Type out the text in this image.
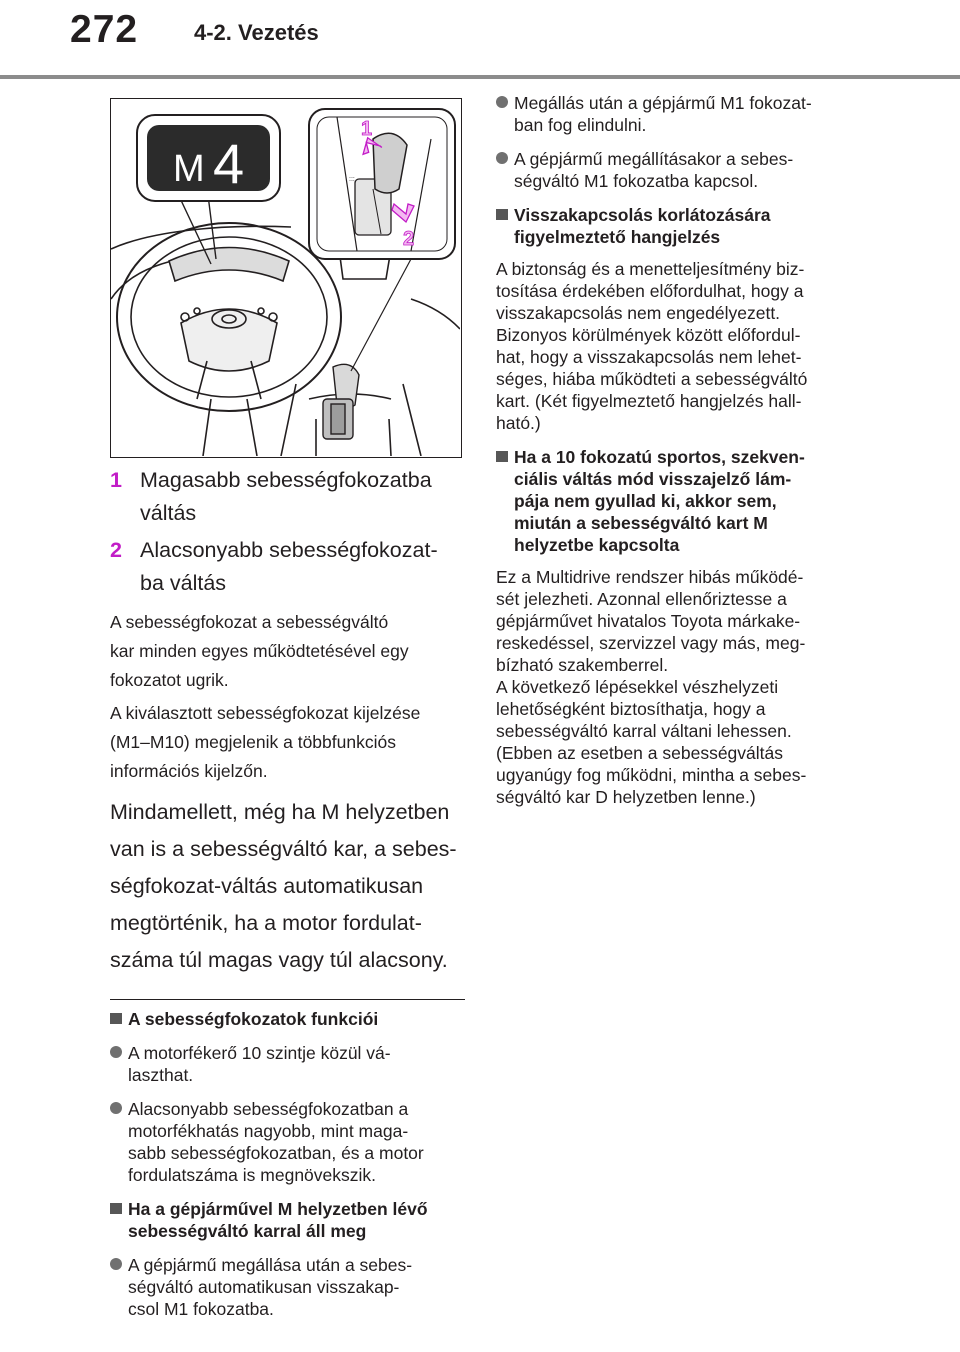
272	4-2. Vezetés
M 4	:::
1
2
1 Magasabb sebességfokozatba
váltás
2 Alacsonyabb sebességfokozat-
ba váltás

A sebességfokozat a sebességváltó
kar minden egyes működtetésével egy
fokozatot ugrik.

A kiválasztott sebességfokozat kijelzése
(M1–M10) megjelenik a többfunkciós
információs kijelzőn.

Mindamellett, még ha M helyzetben
van is a sebességváltó kar, a sebes-
ségfokozat-váltás automatikusan
megtörténik, ha a motor fordulat-
száma túl magas vagy túl alacsony.

A sebességfokozatok funkciói
A motorfékerő 10 szintje közül vá-
laszthat.
Alacsonyabb sebességfokozatban a
motorfékhatás nagyobb, mint maga-
sabb sebességfokozatban, és a motor
fordulatszáma is megnövekszik.
Ha a gépjárművel M helyzetben lévő
sebességváltó karral áll meg
A gépjármű megállása után a sebes-
ségváltó automatikusan visszakap-
csol M1 fokozatba.
Megállás után a gépjármű M1 fokozat-
ban fog elindulni.
A gépjármű megállításakor a sebes-
ségváltó M1 fokozatba kapcsol.
Visszakapcsolás korlátozására
figyelmeztető hangjelzés
A biztonság és a menetteljesítmény biz-
tosítása érdekében előfordulhat, hogy a
visszakapcsolás nem engedélyezett.
Bizonyos körülmények között előfordul-
hat, hogy a visszakapcsolás nem lehet-
séges, hiába működteti a sebességváltó
kart. (Két figyelmeztető hangjelzés hall-
ható.)
Ha a 10 fokozatú sportos, szekven-
ciális váltás mód visszajelző lám-
pája nem gyullad ki, akkor sem,
miután a sebességváltó kart M
helyzetbe kapcsolta
Ez a Multidrive rendszer hibás működé-
sét jelezheti. Azonnal ellenőriztesse a
gépjárművet hivatalos Toyota márkake-
reskedéssel, szervizzel vagy más, meg-
bízható szakemberrel.
A következő lépésekkel vészhelyzeti
lehetőségként biztosíthatja, hogy a
sebességváltó karral váltani lehessen.
(Ebben az esetben a sebességváltás
ugyanúgy fog működni, mintha a sebes-
ségváltó kar D helyzetben lenne.)
